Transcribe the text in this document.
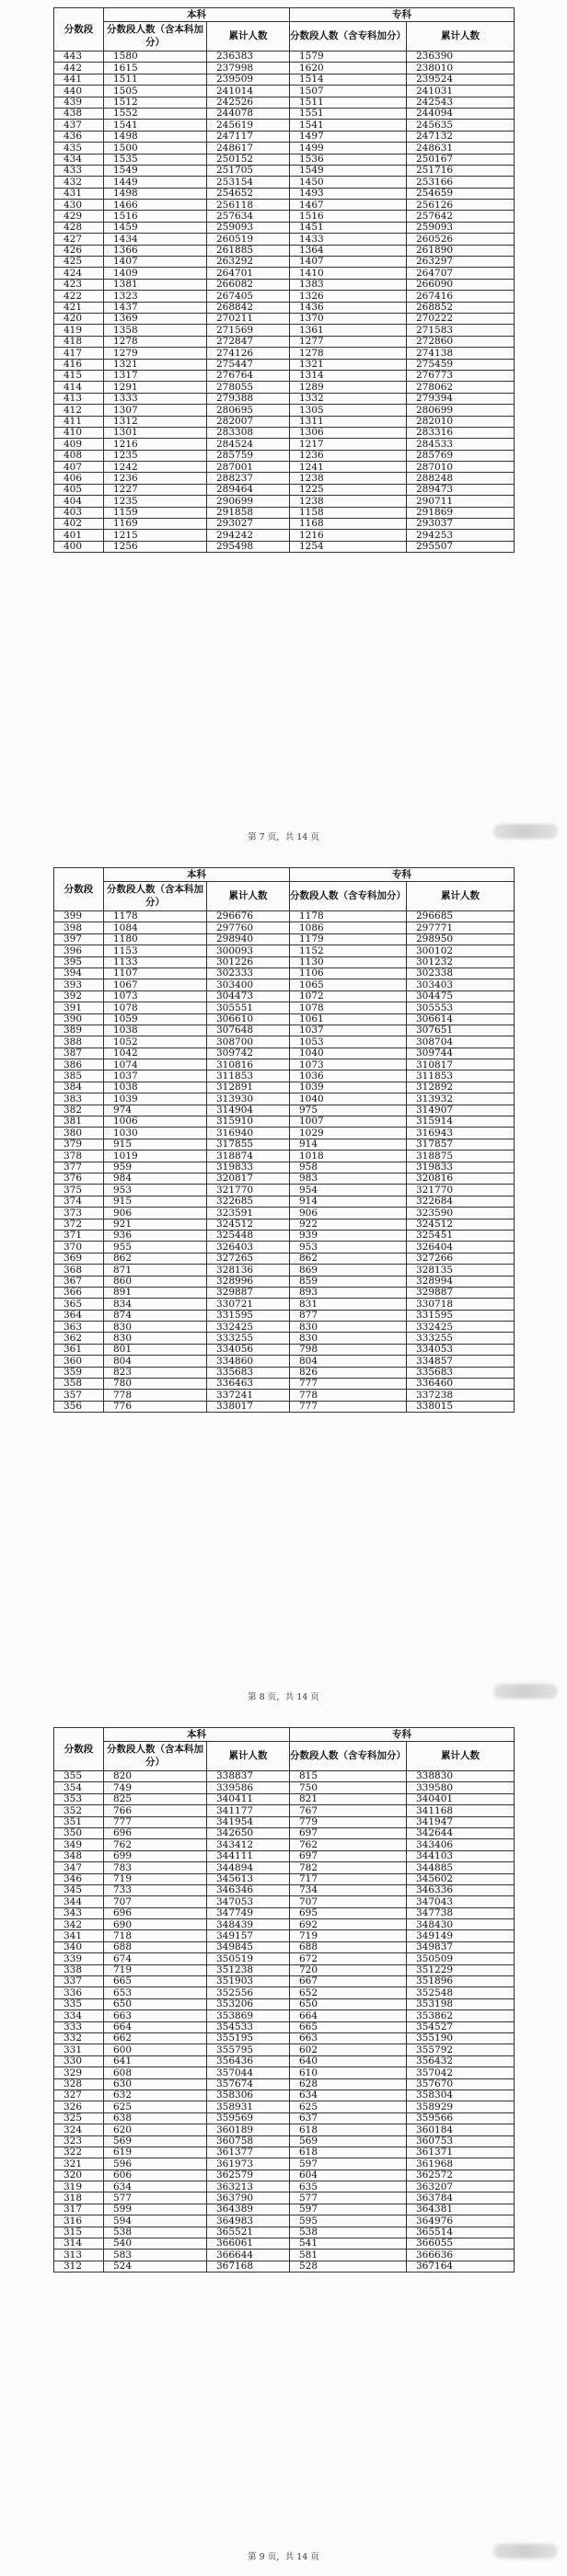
分数段	本科		专科	
	分数段人数（含本科加分）	累计人数	分数段人数（含专科加分）	累计人数
443	1580	236383	1579	236390
442	1615	237998	1620	238010
441	1511	239509	1514	239524
440	1505	241014	1507	241031
439	1512	242526	1511	242543
438	1552	244078	1551	244094
437	1541	245619	1541	245635
436	1498	247117	1497	247132
435	1500	248617	1499	248631
434	1535	250152	1536	250167
433	1549	251705	1549	251716
432	1449	253154	1450	253166
431	1498	254652	1493	254659
430	1466	256118	1467	256126
429	1516	257634	1516	257642
428	1459	259093	1451	259093
427	1434	260519	1433	260526
426	1366	261885	1364	261890
425	1407	263292	1407	263297
424	1409	264701	1410	264707
423	1381	266082	1383	266090
422	1323	267405	1326	267416
421	1437	268842	1436	268852
420	1369	270211	1370	270222
419	1358	271569	1361	271583
418	1278	272847	1277	272860
417	1279	274126	1278	274138
416	1321	275447	1321	275459
415	1317	276764	1314	276773
414	1291	278055	1289	278062
413	1333	279388	1332	279394
412	1307	280695	1305	280699
411	1312	282007	1311	282010
410	1301	283308	1306	283316
409	1216	284524	1217	284533
408	1235	285759	1236	285769
407	1242	287001	1241	287010
406	1236	288237	1238	288248
405	1227	289464	1225	289473
404	1235	290699	1238	290711
403	1159	291858	1158	291869
402	1169	293027	1168	293037
401	1215	294242	1216	294253
400	1256	295498	1254	295507
第 7 页，共 14 页
分数段	本科		专科	
	分数段人数（含本科加分）	累计人数	分数段人数（含专科加分）	累计人数
399	1178	296676	1178	296685
398	1084	297760	1086	297771
397	1180	298940	1179	298950
396	1153	300093	1152	300102
395	1133	301226	1130	301232
394	1107	302333	1106	302338
393	1067	303400	1065	303403
392	1073	304473	1072	304475
391	1078	305551	1078	305553
390	1059	306610	1061	306614
389	1038	307648	1037	307651
388	1052	308700	1053	308704
387	1042	309742	1040	309744
386	1074	310816	1073	310817
385	1037	311853	1036	311853
384	1038	312891	1039	312892
383	1039	313930	1040	313932
382	974	314904	975	314907
381	1006	315910	1007	315914
380	1030	316940	1029	316943
379	915	317855	914	317857
378	1019	318874	1018	318875
377	959	319833	958	319833
376	984	320817	983	320816
375	953	321770	954	321770
374	915	322685	914	322684
373	906	323591	906	323590
372	921	324512	922	324512
371	936	325448	939	325451
370	955	326403	953	326404
369	862	327265	862	327266
368	871	328136	869	328135
367	860	328996	859	328994
366	891	329887	893	329887
365	834	330721	831	330718
364	874	331595	877	331595
363	830	332425	830	332425
362	830	333255	830	333255
361	801	334056	798	334053
360	804	334860	804	334857
359	823	335683	826	335683
358	780	336463	777	336460
357	778	337241	778	337238
356	776	338017	777	338015
第 8 页，共 14 页
分数段	本科		专科	
	分数段人数（含本科加分）	累计人数	分数段人数（含专科加分）	累计人数
355	820	338837	815	338830
354	749	339586	750	339580
353	825	340411	821	340401
352	766	341177	767	341168
351	777	341954	779	341947
350	696	342650	697	342644
349	762	343412	762	343406
348	699	344111	697	344103
347	783	344894	782	344885
346	719	345613	717	345602
345	733	346346	734	346336
344	707	347053	707	347043
343	696	347749	695	347738
342	690	348439	692	348430
341	718	349157	719	349149
340	688	349845	688	349837
339	674	350519	672	350509
338	719	351238	720	351229
337	665	351903	667	351896
336	653	352556	652	352548
335	650	353206	650	353198
334	663	353869	664	353862
333	664	354533	665	354527
332	662	355195	663	355190
331	600	355795	602	355792
330	641	356436	640	356432
329	608	357044	610	357042
328	630	357674	628	357670
327	632	358306	634	358304
326	625	358931	625	358929
325	638	359569	637	359566
324	620	360189	618	360184
323	569	360758	569	360753
322	619	361377	618	361371
321	596	361973	597	361968
320	606	362579	604	362572
319	634	363213	635	363207
318	577	363790	577	363784
317	599	364389	597	364381
316	594	364983	595	364976
315	538	365521	538	365514
314	540	366061	541	366055
313	583	366644	581	366636
312	524	367168	528	367164
第 9 页，共 14 页
